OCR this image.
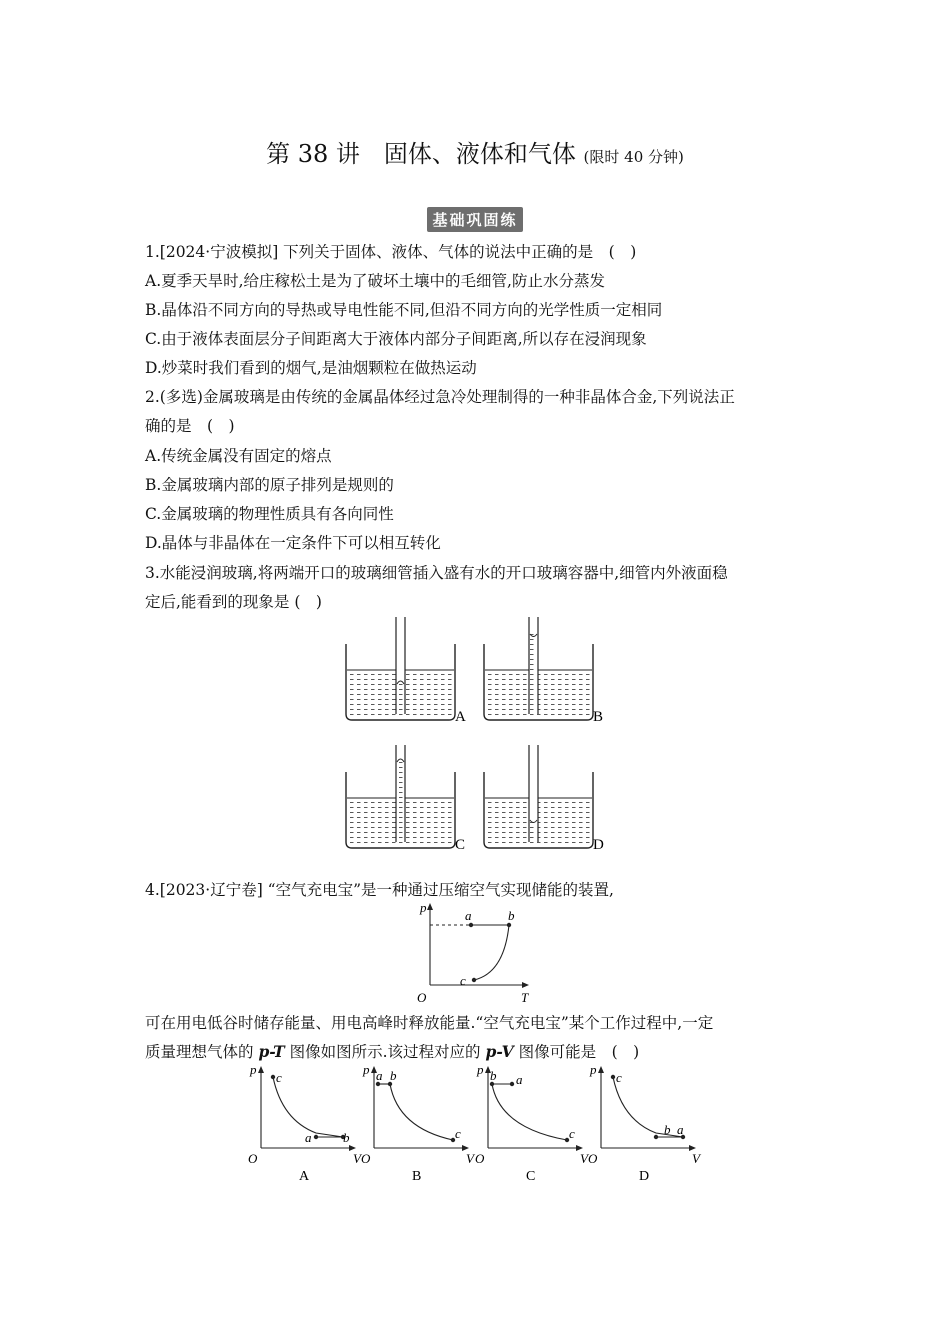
第 38 讲　固体、液体和气体 (限时 40 分钟)
基础巩固练
1.[2024·宁波模拟] 下列关于固体、液体、气体的说法中正确的是　(　)
A.夏季天旱时,给庄稼松土是为了破坏土壤中的毛细管,防止水分蒸发
B.晶体沿不同方向的导热或导电性能不同,但沿不同方向的光学性质一定相同
C.由于液体表面层分子间距离大于液体内部分子间距离,所以存在浸润现象
D.炒菜时我们看到的烟气,是油烟颗粒在做热运动
2.(多选)金属玻璃是由传统的金属晶体经过急冷处理制得的一种非晶体合金,下列说法正
确的是　(　)
A.传统金属没有固定的熔点
B.金属玻璃内部的原子排列是规则的
C.金属玻璃的物理性质具有各向同性
D.晶体与非晶体在一定条件下可以相互转化
3.水能浸润玻璃,将两端开口的玻璃细管插入盛有水的开口玻璃容器中,细管内外液面稳
定后,能看到的现象是 (　)
A	B
C	D
4.[2023·辽宁卷] “空气充电宝”是一种通过压缩空气实现储能的装置,
p
T
O
a	b
c
可在用电低谷时储存能量、用电高峰时释放能量.“空气充电宝”某个工作过程中,一定
质量理想气体的 p-T 图像如图所示.该过程对应的 p-V 图像可能是　(　)
p
O	V
c
a b
A
p
O	V
a b
c
B
p
O	V
b a
c
C
p
O	V
c
b a
D
